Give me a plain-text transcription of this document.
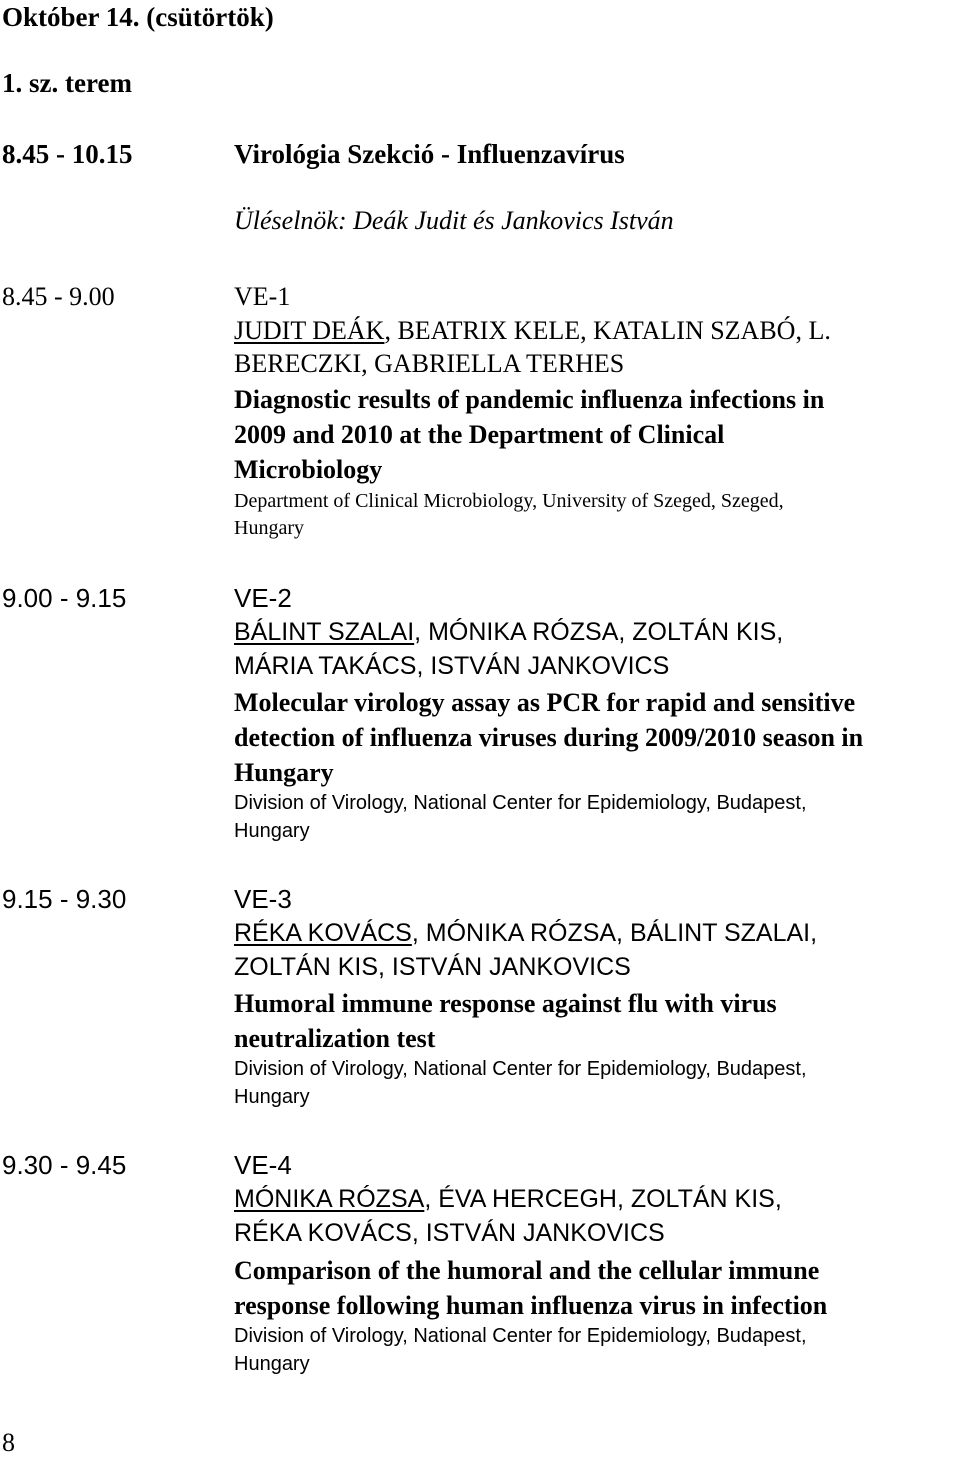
Október 14. (csütörtök)
1. sz. terem
8.45 - 10.15	Virológia Szekció - Influenzavírus
Üléselnök: Deák Judit és Jankovics István
8.45 - 9.00	VE-1
JUDIT DEÁK, BEATRIX KELE, KATALIN SZABÓ, L.
BERECZKI, GABRIELLA TERHES
Diagnostic results of pandemic influenza infections in
2009 and 2010 at the Department of Clinical
Microbiology
Department of Clinical Microbiology, University of Szeged, Szeged,
Hungary
9.00 - 9.15	VE-2
BÁLINT SZALAI, MÓNIKA RÓZSA, ZOLTÁN KIS,
MÁRIA TAKÁCS, ISTVÁN JANKOVICS
Molecular virology assay as PCR for rapid and sensitive
detection of influenza viruses during 2009/2010 season in
Hungary
Division of Virology, National Center for Epidemiology, Budapest,
Hungary
9.15 - 9.30	VE-3
RÉKA KOVÁCS, MÓNIKA RÓZSA, BÁLINT SZALAI,
ZOLTÁN KIS, ISTVÁN JANKOVICS
Humoral immune response against flu with virus
neutralization test
Division of Virology, National Center for Epidemiology, Budapest,
Hungary
9.30 - 9.45	VE-4
MÓNIKA RÓZSA, ÉVA HERCEGH, ZOLTÁN KIS,
RÉKA KOVÁCS, ISTVÁN JANKOVICS
Comparison of the humoral and the cellular immune
response following human influenza virus in infection
Division of Virology, National Center for Epidemiology, Budapest,
Hungary
8
